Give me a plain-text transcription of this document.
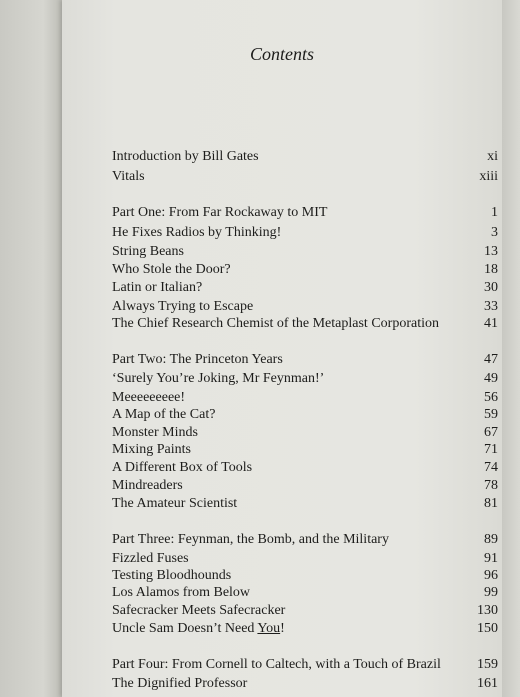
Contents
Introduction by Bill Gates	xi
Vitals	xiii
Part One: From Far Rockaway to MIT	1
He Fixes Radios by Thinking!	3
String Beans	13
Who Stole the Door?	18
Latin or Italian?	30
Always Trying to Escape	33
The Chief Research Chemist of the Metaplast Corporation	41
Part Two: The Princeton Years	47
‘Surely You’re Joking, Mr Feynman!’	49
Meeeeeeeee!	56
A Map of the Cat?	59
Monster Minds	67
Mixing Paints	71
A Different Box of Tools	74
Mindreaders	78
The Amateur Scientist	81
Part Three: Feynman, the Bomb, and the Military	89
Fizzled Fuses	91
Testing Bloodhounds	96
Los Alamos from Below	99
Safecracker Meets Safecracker	130
Uncle Sam Doesn’t Need You!	150
Part Four: From Cornell to Caltech, with a Touch of Brazil	159
The Dignified Professor	161
